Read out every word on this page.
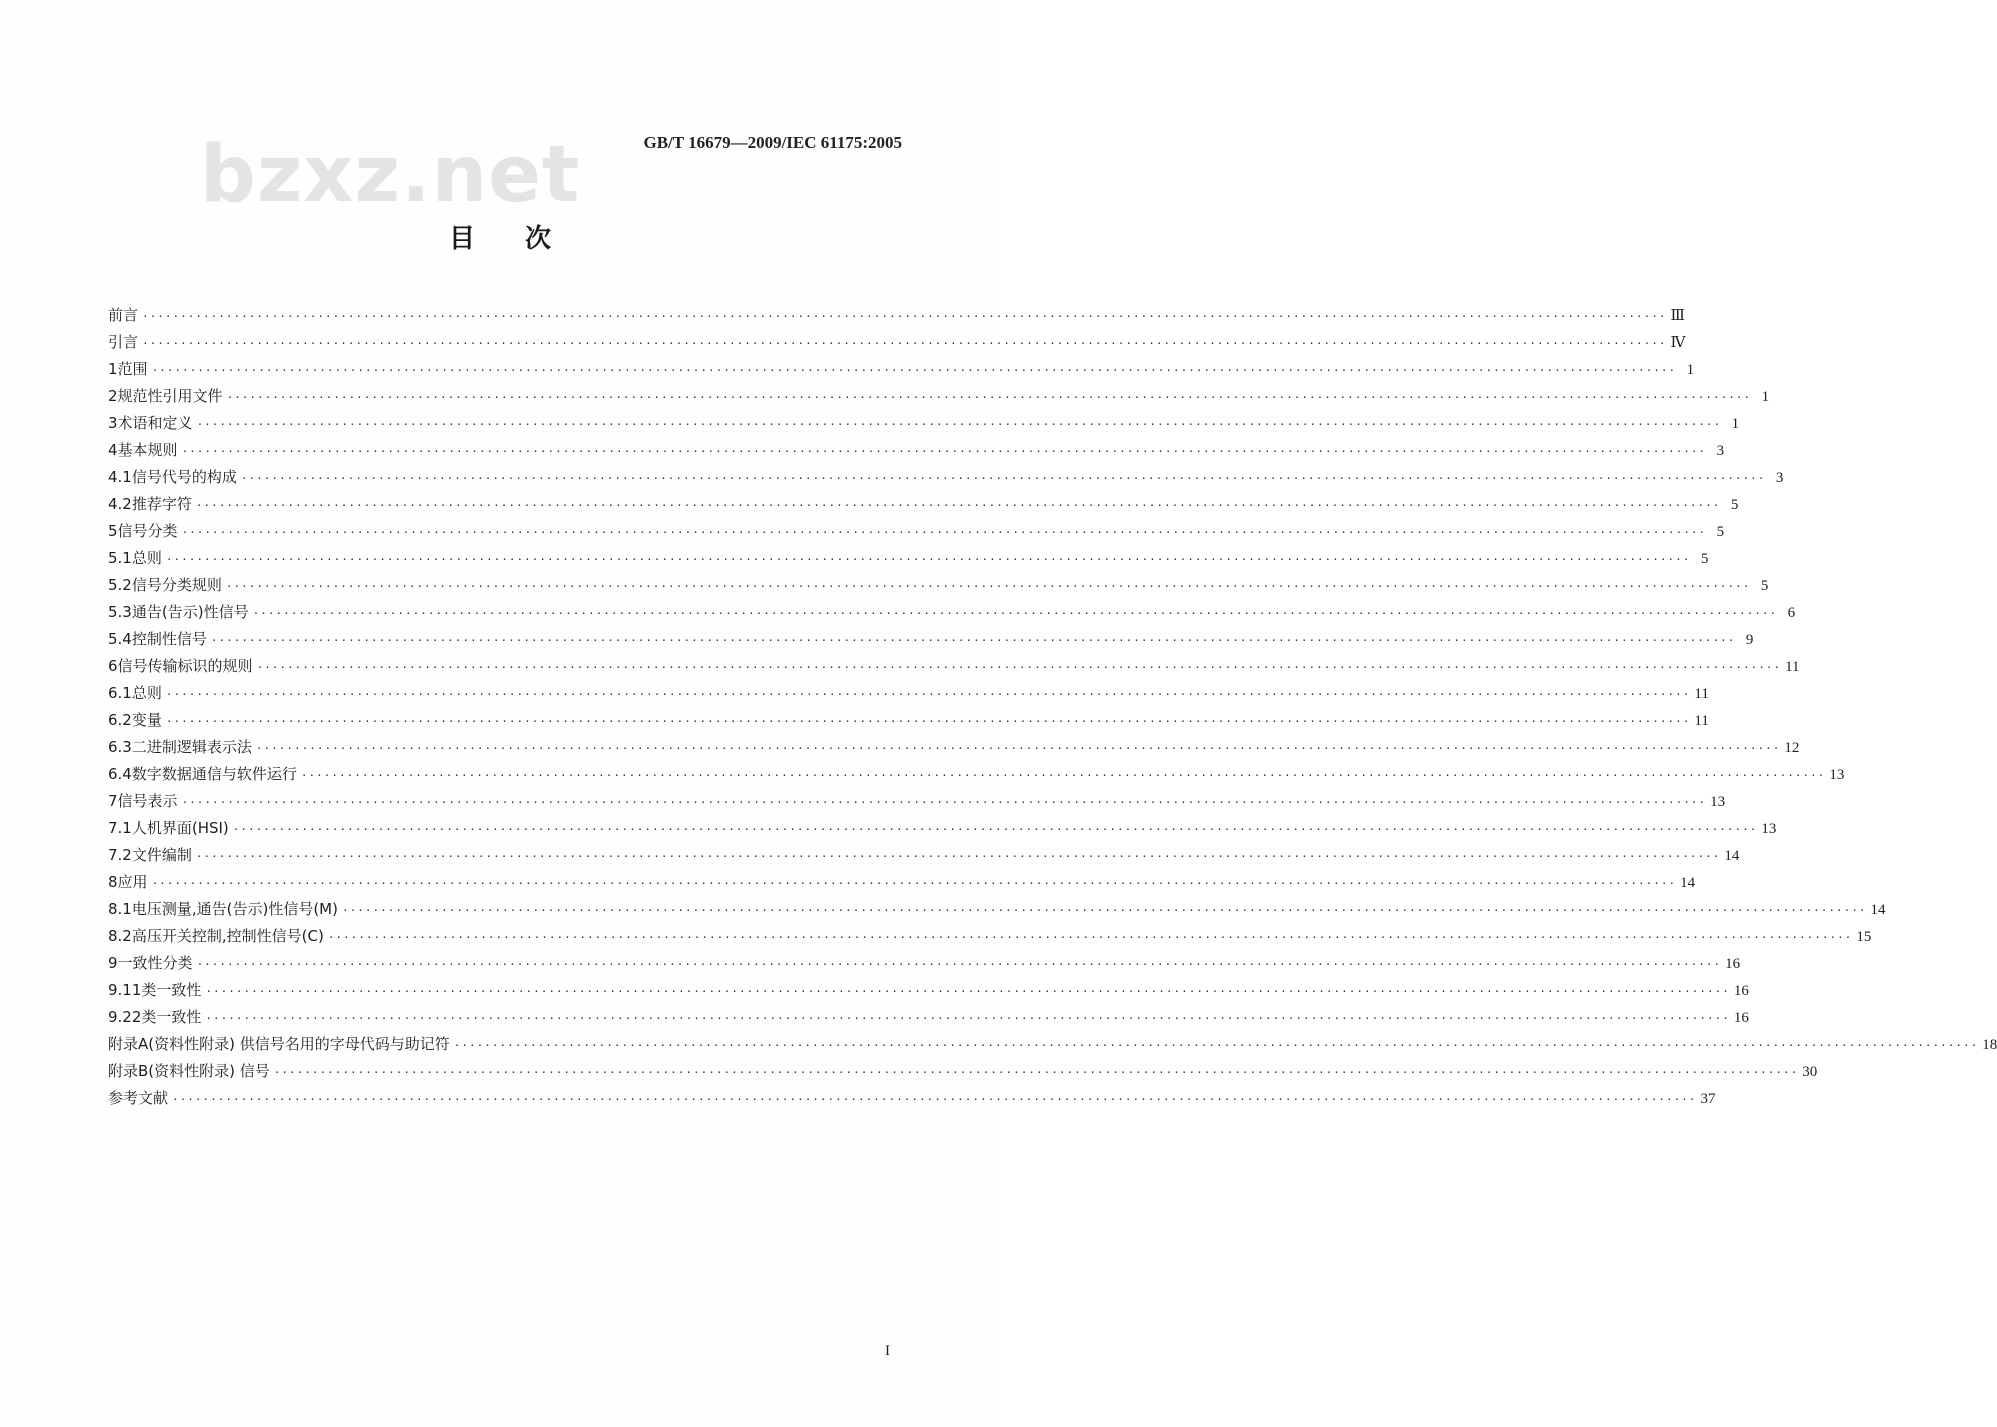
bzxz.net	GB/T 16679—2009/IEC 61175:2005
目次
前言 ········································································································································································································ Ⅲ
引言 ········································································································································································································ Ⅳ
1 范围 ········································································································································································································ 1
2 规范性引用文件 ········································································································································································································ 1
3 术语和定义 ········································································································································································································ 1
4 基本规则 ········································································································································································································ 3
4.1 信号代号的构成 ········································································································································································································ 3
4.2 推荐字符 ········································································································································································································ 5
5 信号分类 ········································································································································································································ 5
5.1 总则 ········································································································································································································ 5
5.2 信号分类规则 ········································································································································································································ 5
5.3 通告(告示)性信号 ········································································································································································································ 6
5.4 控制性信号 ········································································································································································································ 9
6 信号传输标识的规则 ········································································································································································································ 11
6.1 总则 ········································································································································································································ 11
6.2 变量 ········································································································································································································ 11
6.3 二进制逻辑表示法 ········································································································································································································ 12
6.4 数字数据通信与软件运行 ········································································································································································································ 13
7 信号表示 ········································································································································································································ 13
7.1 人机界面(HSI) ········································································································································································································ 13
7.2 文件编制 ········································································································································································································ 14
8 应用 ········································································································································································································ 14
8.1 电压测量,通告(告示)性信号(M) ········································································································································································································ 14
8.2 高压开关控制,控制性信号(C) ········································································································································································································ 15
9 一致性分类 ········································································································································································································ 16
9.1 1类一致性 ········································································································································································································ 16
9.2 2类一致性 ········································································································································································································ 16
附录A(资料性附录) 供信号名用的字母代码与助记符 ········································································································································································································ 18
附录B(资料性附录) 信号 ········································································································································································································ 30
参考文献 ········································································································································································································ 37
I
